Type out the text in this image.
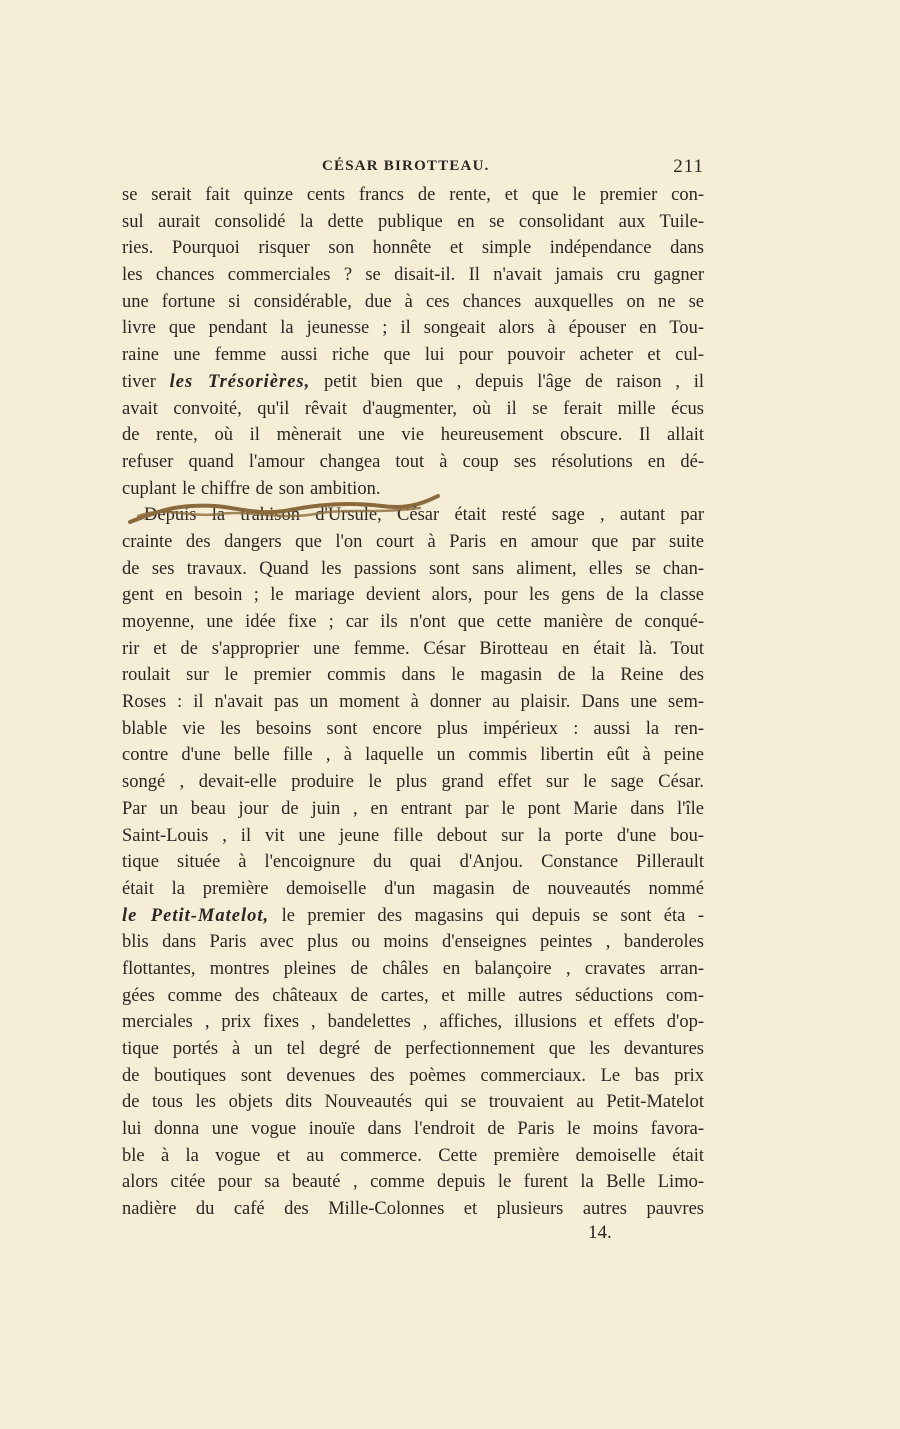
CÉSAR BIROTTEAU.	211
se serait fait quinze cents francs de rente, et que le premier con-
sul aurait consolidé la dette publique en se consolidant aux Tuile-
ries. Pourquoi risquer son honnête et simple indépendance dans
les chances commerciales ? se disait-il. Il n'avait jamais cru gagner
une fortune si considérable, due à ces chances auxquelles on ne se
livre que pendant la jeunesse ; il songeait alors à épouser en Tou-
raine une femme aussi riche que lui pour pouvoir acheter et cul-
tiver les Trésorières, petit bien que , depuis l'âge de raison , il
avait convoité, qu'il rêvait d'augmenter, où il se ferait mille écus
de rente, où il mènerait une vie heureusement obscure. Il allait
refuser quand l'amour changea tout à coup ses résolutions en dé-
cuplant le chiffre de son ambition.
Depuis la trahison d'Ursule, César était resté sage , autant par
crainte des dangers que l'on court à Paris en amour que par suite
de ses travaux. Quand les passions sont sans aliment, elles se chan-
gent en besoin ; le mariage devient alors, pour les gens de la classe
moyenne, une idée fixe ; car ils n'ont que cette manière de conqué-
rir et de s'approprier une femme. César Birotteau en était là. Tout
roulait sur le premier commis dans le magasin de la Reine des
Roses : il n'avait pas un moment à donner au plaisir. Dans une sem-
blable vie les besoins sont encore plus impérieux : aussi la ren-
contre d'une belle fille , à laquelle un commis libertin eût à peine
songé , devait-elle produire le plus grand effet sur le sage César.
Par un beau jour de juin , en entrant par le pont Marie dans l'île
Saint-Louis , il vit une jeune fille debout sur la porte d'une bou-
tique située à l'encoignure du quai d'Anjou. Constance Pillerault
était la première demoiselle d'un magasin de nouveautés nommé
le Petit-Matelot, le premier des magasins qui depuis se sont éta -
blis dans Paris avec plus ou moins d'enseignes peintes , banderoles
flottantes, montres pleines de châles en balançoire , cravates arran-
gées comme des châteaux de cartes, et mille autres séductions com-
merciales , prix fixes , bandelettes , affiches, illusions et effets d'op-
tique portés à un tel degré de perfectionnement que les devantures
de boutiques sont devenues des poèmes commerciaux. Le bas prix
de tous les objets dits Nouveautés qui se trouvaient au Petit-Matelot
lui donna une vogue inouïe dans l'endroit de Paris le moins favora-
ble à la vogue et au commerce. Cette première demoiselle était
alors citée pour sa beauté , comme depuis le furent la Belle Limo-
nadière du café des Mille-Colonnes et plusieurs autres pauvres
14.
